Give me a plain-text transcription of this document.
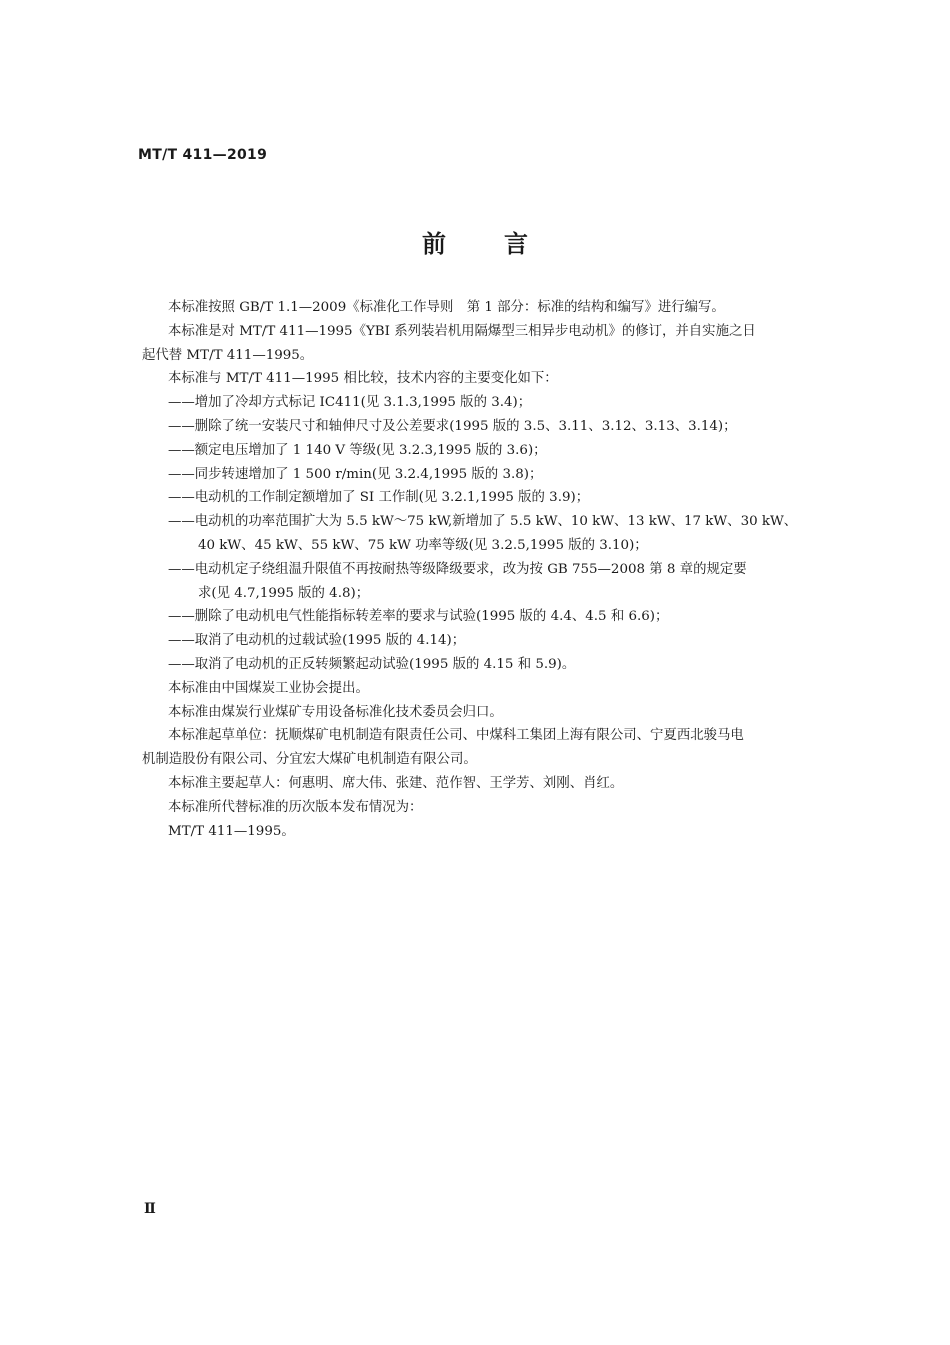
MT/T 411—2019
前 言

本标准按照 GB/T 1.1—2009《标准化工作导则　第 1 部分：标准的结构和编写》进行编写。

本标准是对 MT/T 411—1995《YBI 系列装岩机用隔爆型三相异步电动机》的修订，并自实施之日

起代替 MT/T 411—1995。

本标准与 MT/T 411—1995 相比较，技术内容的主要变化如下：

——增加了冷却方式标记 IC411(见 3.1.3,1995 版的 3.4)；

——删除了统一安装尺寸和轴伸尺寸及公差要求(1995 版的 3.5、3.11、3.12、3.13、3.14)；

——额定电压增加了 1 140 V 等级(见 3.2.3,1995 版的 3.6)；

——同步转速增加了 1 500 r/min(见 3.2.4,1995 版的 3.8)；

——电动机的工作制定额增加了 SI 工作制(见 3.2.1,1995 版的 3.9)；

——电动机的功率范围扩大为 5.5 kW～75 kW,新增加了 5.5 kW、10 kW、13 kW、17 kW、30 kW、

40 kW、45 kW、55 kW、75 kW 功率等级(见 3.2.5,1995 版的 3.10)；

——电动机定子绕组温升限值不再按耐热等级降级要求，改为按 GB 755—2008 第 8 章的规定要

求(见 4.7,1995 版的 4.8)；

——删除了电动机电气性能指标转差率的要求与试验(1995 版的 4.4、4.5 和 6.6)；

——取消了电动机的过载试验(1995 版的 4.14)；

——取消了电动机的正反转频繁起动试验(1995 版的 4.15 和 5.9)。

本标准由中国煤炭工业协会提出。

本标准由煤炭行业煤矿专用设备标准化技术委员会归口。

本标准起草单位：抚顺煤矿电机制造有限责任公司、中煤科工集团上海有限公司、宁夏西北骏马电

机制造股份有限公司、分宜宏大煤矿电机制造有限公司。

本标准主要起草人：何惠明、席大伟、张建、范作智、王学芳、刘刚、肖红。

本标准所代替标准的历次版本发布情况为：

MT/T 411—1995。

Ⅱ
